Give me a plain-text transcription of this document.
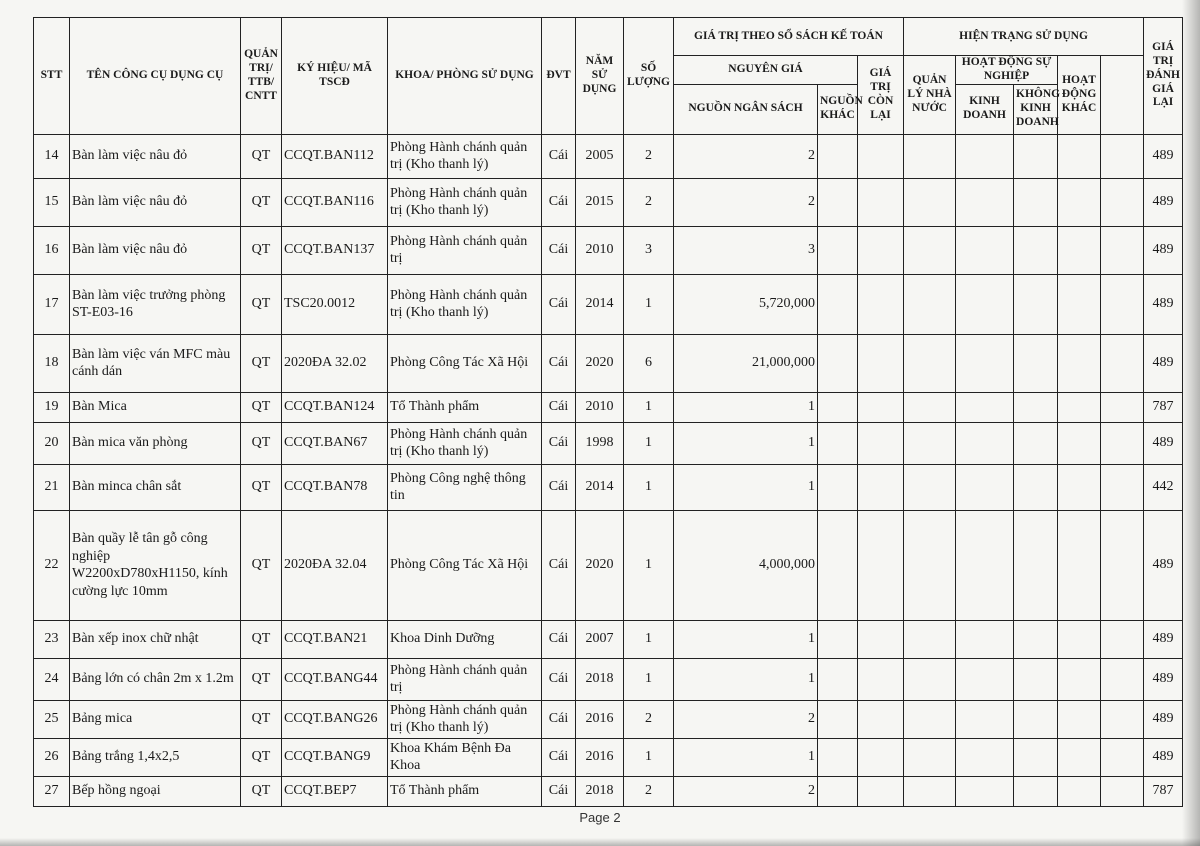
STT	TÊN CÔNG CỤ DỤNG CỤ	QUẢN TRỊ/ TTB/ CNTT	KÝ HIỆU/ MÃ TSCĐ	KHOA/ PHÒNG SỬ DỤNG	ĐVT	NĂM SỬ DỤNG	SỐ LƯỢNG	GIÁ TRỊ THEO SỔ SÁCH KẾ TOÁN			HIỆN TRẠNG SỬ DỤNG					GIÁ TRỊ ĐÁNH GIÁ LẠI		
								NGUYÊN GIÁ		GIÁ TRỊ CÒN LẠI	QUẢN LÝ NHÀ NƯỚC	HOẠT ĐỘNG SỰ NGHIỆP		HOẠT ĐỘNG KHÁC			

								NGUỒN NGÂN SÁCH	NGUỒN KHÁC			KINH DOANH	KHÔNG KINH DOANH				
14	Bàn làm việc nâu đỏ	QT	CCQT.BAN112	Phòng Hành chánh quản trị (Kho thanh lý)	Cái	2005	2	2								489	
15	Bàn làm việc nâu đỏ	QT	CCQT.BAN116	Phòng Hành chánh quản trị (Kho thanh lý)	Cái	2015	2	2								489	
16	Bàn làm việc nâu đỏ	QT	CCQT.BAN137	Phòng Hành chánh quản trị	Cái	2010	3	3								489	
17	Bàn làm việc trưởng phòng ST-E03-16	QT	TSC20.0012	Phòng Hành chánh quản trị (Kho thanh lý)	Cái	2014	1	5,720,000								489	
18	Bàn làm việc ván MFC màu cánh dán	QT	2020ĐA 32.02	Phòng Công Tác Xã Hội	Cái	2020	6	21,000,000								489	
19	Bàn Mica	QT	CCQT.BAN124	Tổ Thành phẩm	Cái	2010	1	1								787	
20	Bàn mica văn phòng	QT	CCQT.BAN67	Phòng Hành chánh quản trị (Kho thanh lý)	Cái	1998	1	1								489	
21	Bàn minca chân sắt	QT	CCQT.BAN78	Phòng Công nghệ thông tin	Cái	2014	1	1								442	
22	Bàn quầy lễ tân gỗ công nghiệp W2200xD780xH1150, kính cường lực 10mm	QT	2020ĐA 32.04	Phòng Công Tác Xã Hội	Cái	2020	1	4,000,000								489	
23	Bàn xếp inox chữ nhật	QT	CCQT.BAN21	Khoa Dinh Dưỡng	Cái	2007	1	1								489	
24	Bảng lớn có chân 2m x 1.2m	QT	CCQT.BANG44	Phòng Hành chánh quản trị	Cái	2018	1	1								489	
25	Bảng mica	QT	CCQT.BANG26	Phòng Hành chánh quản trị (Kho thanh lý)	Cái	2016	2	2								489	
26	Bảng trắng 1,4x2,5	QT	CCQT.BANG9	Khoa Khám Bệnh Đa Khoa	Cái	2016	1	1								489	
27	Bếp hồng ngoại	QT	CCQT.BEP7	Tổ Thành phẩm	Cái	2018	2	2								787	
Page 2
